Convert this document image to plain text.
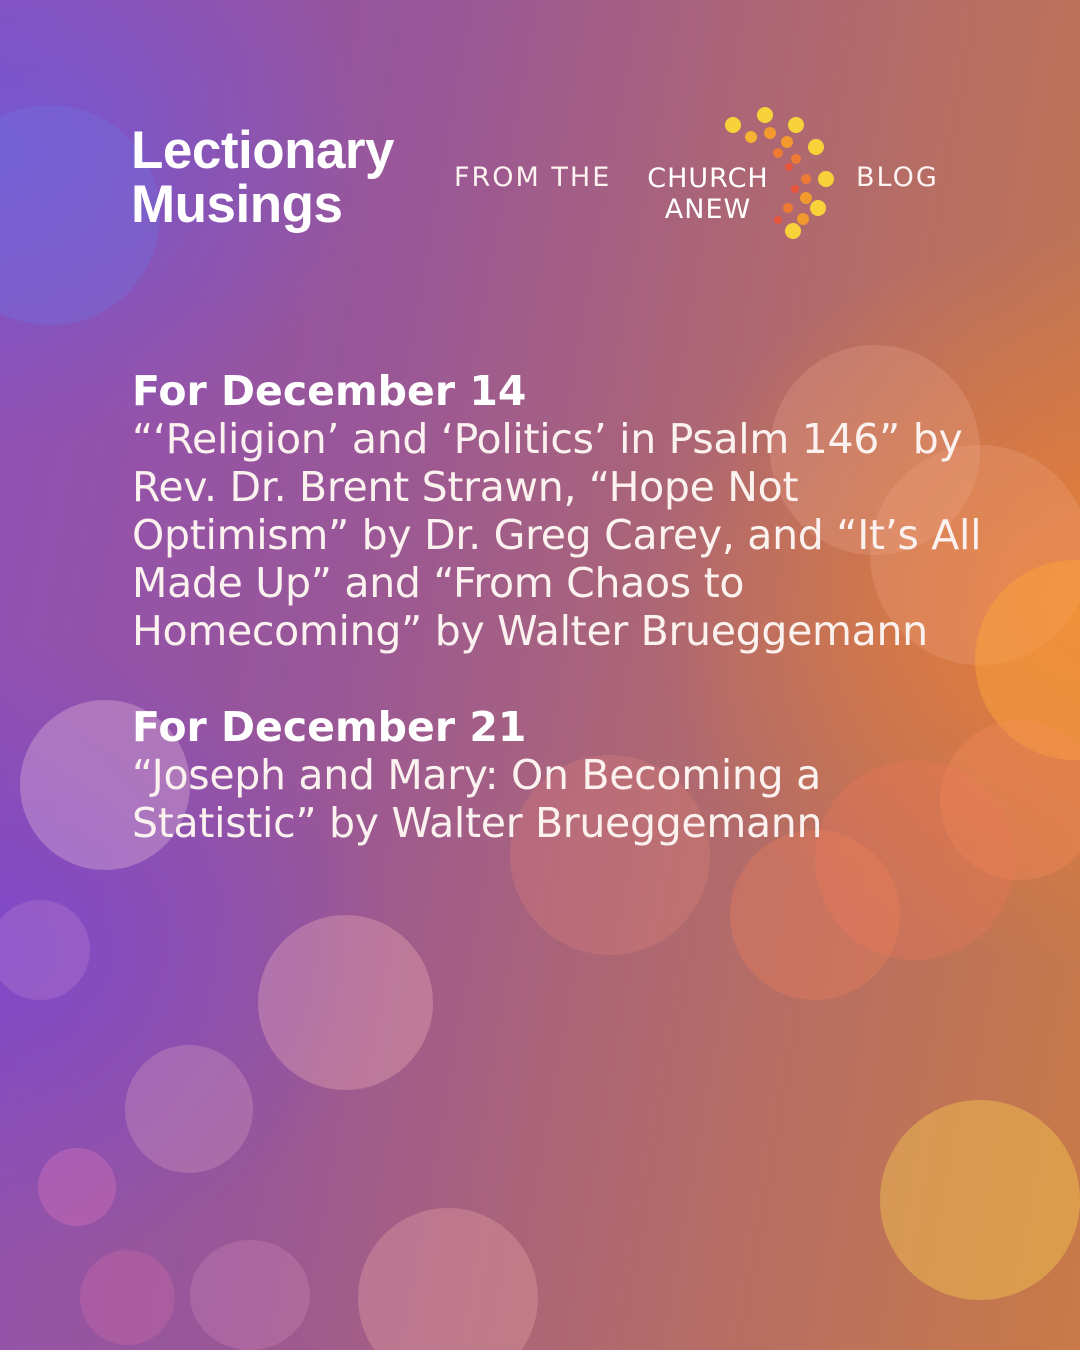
Lectionary
Musings	FROM THE	CHURCH
ANEW
BLOG
For December 14

“‘Religion’ and ‘Politics’ in Psalm 146” by Rev. Dr. Brent Strawn, “Hope Not Optimism” by Dr. Greg Carey, and “It’s All Made Up” and “From Chaos to Homecoming” by Walter Brueggemann

For December 21

“Joseph and Mary: On Becoming a Statistic” by Walter Brueggemann
